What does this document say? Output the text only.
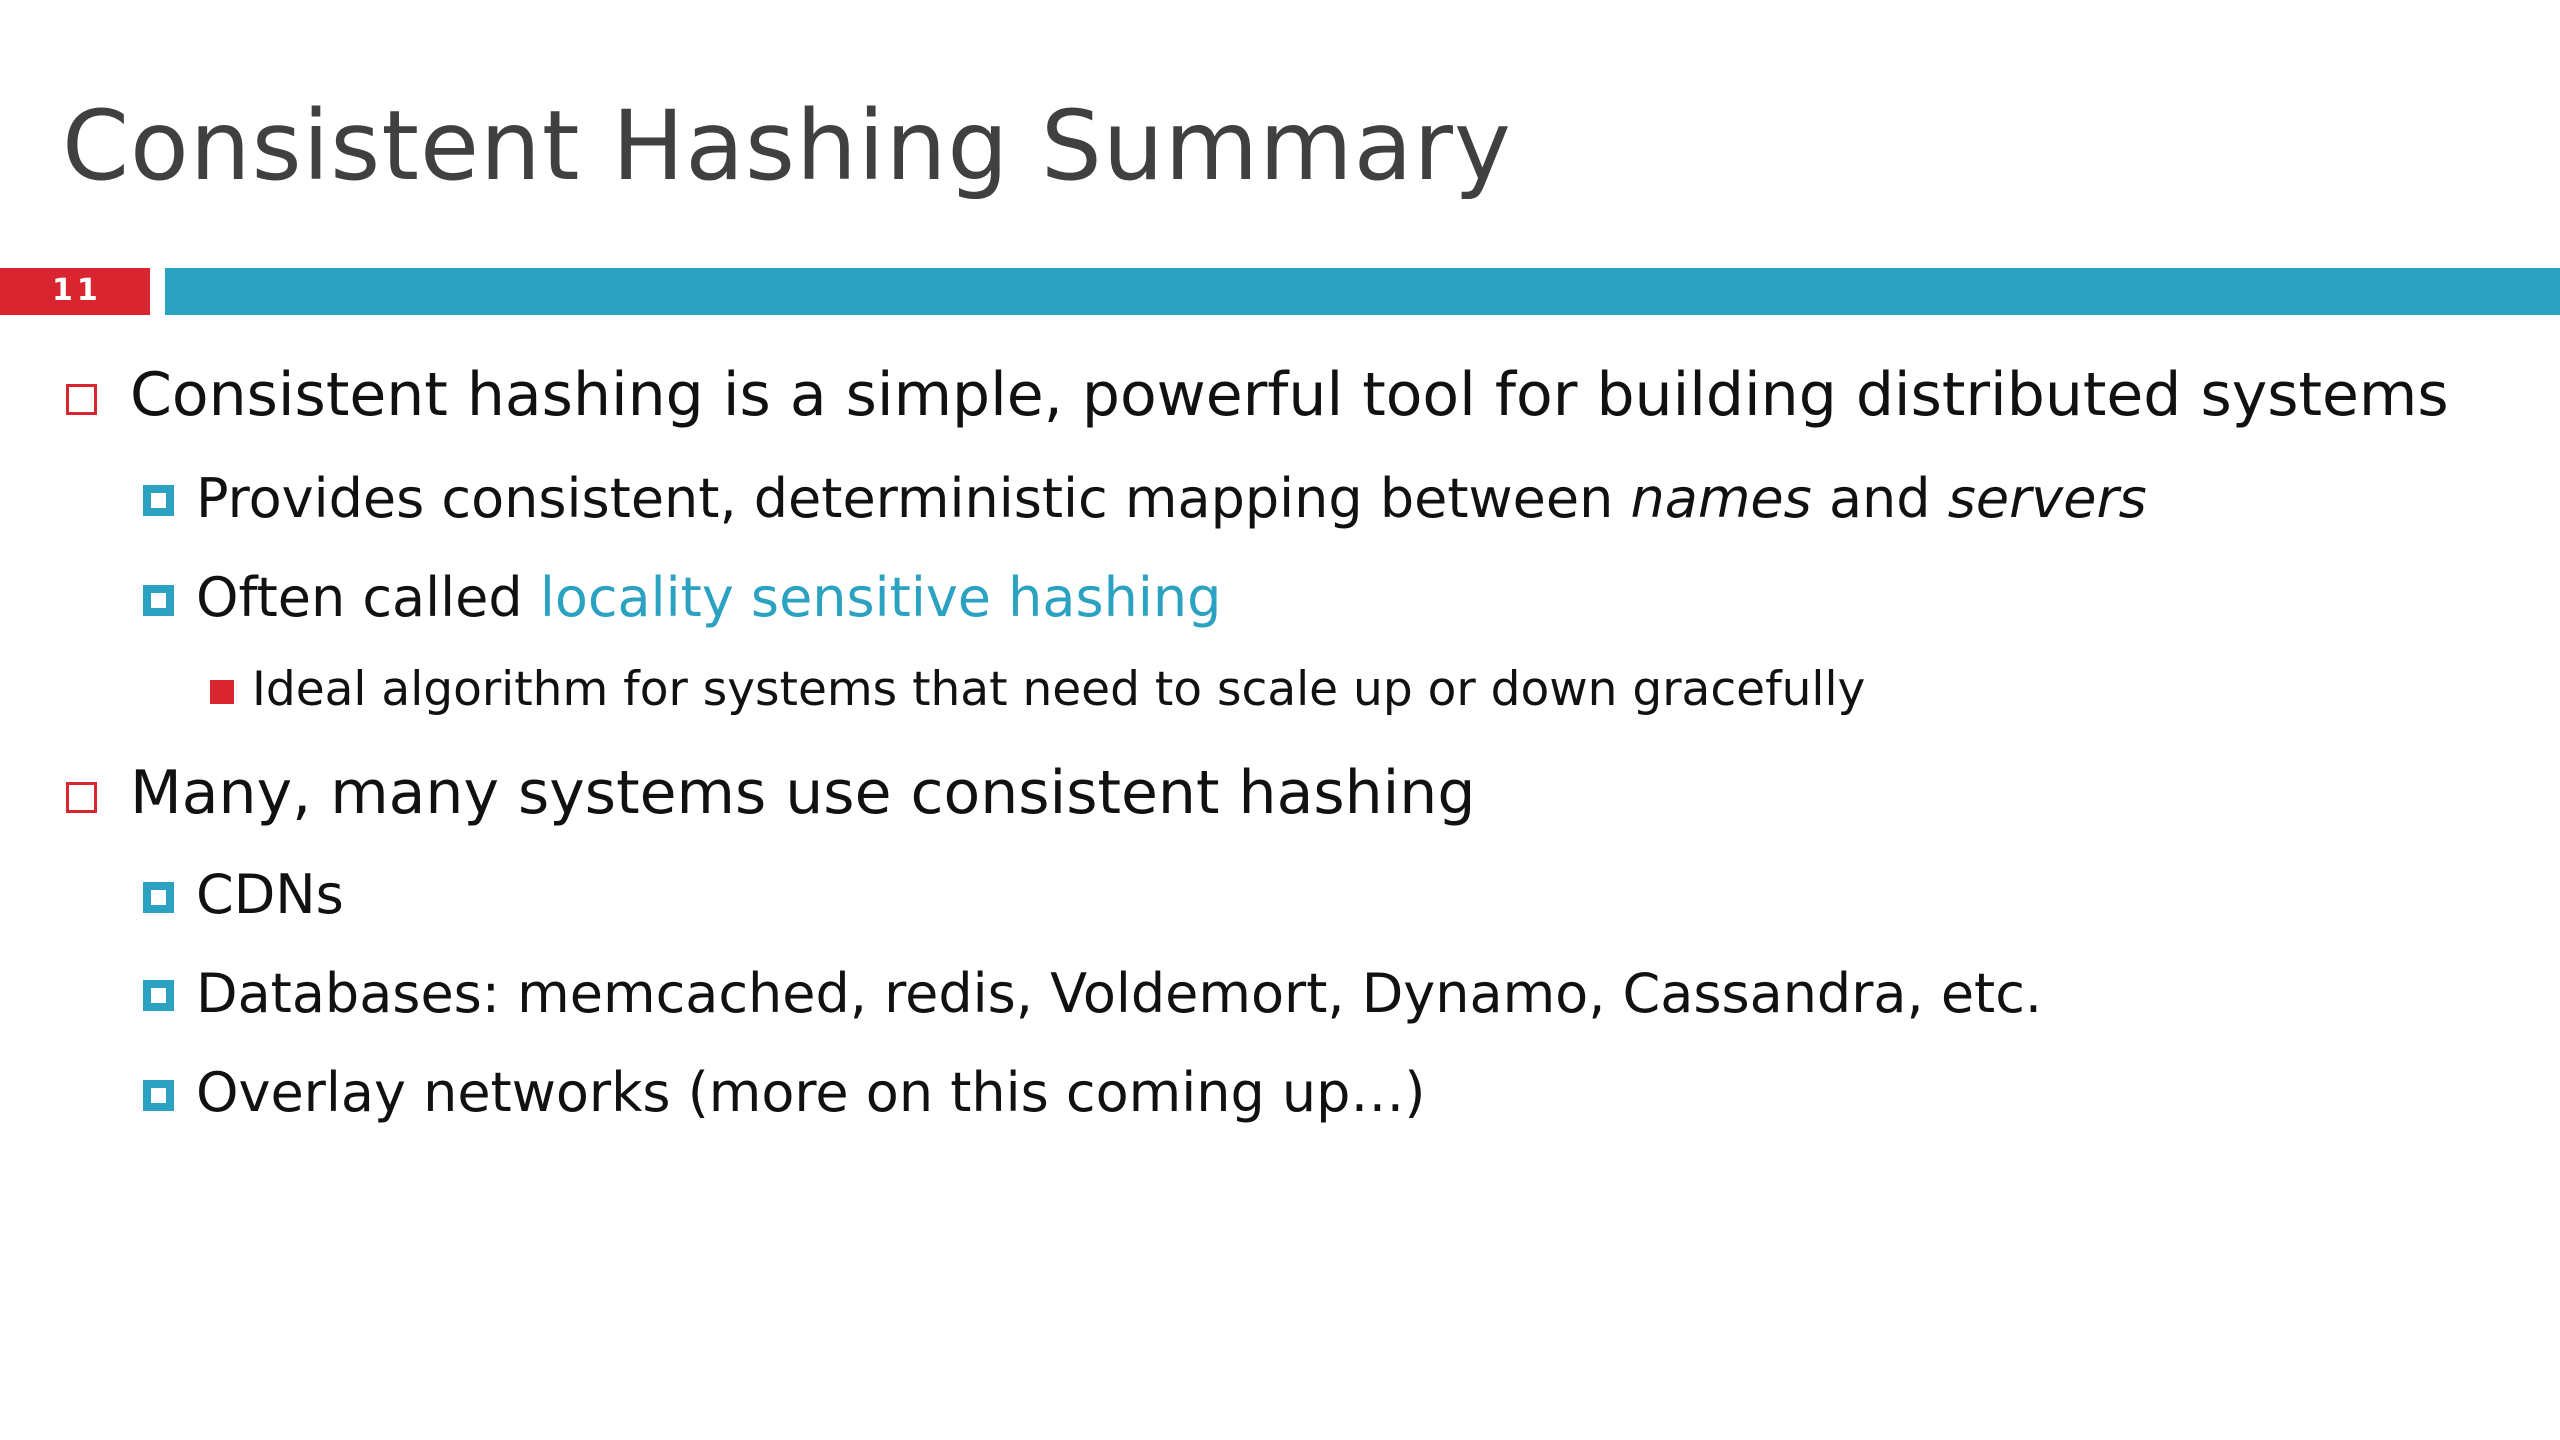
Consistent Hashing Summary
11
Consistent hashing is a simple, powerful tool for building distributed systems
Provides consistent, deterministic mapping between names and servers
Often called locality sensitive hashing
Ideal algorithm for systems that need to scale up or down gracefully
Many, many systems use consistent hashing
CDNs
Databases: memcached, redis, Voldemort, Dynamo, Cassandra, etc.
Overlay networks (more on this coming up…)
